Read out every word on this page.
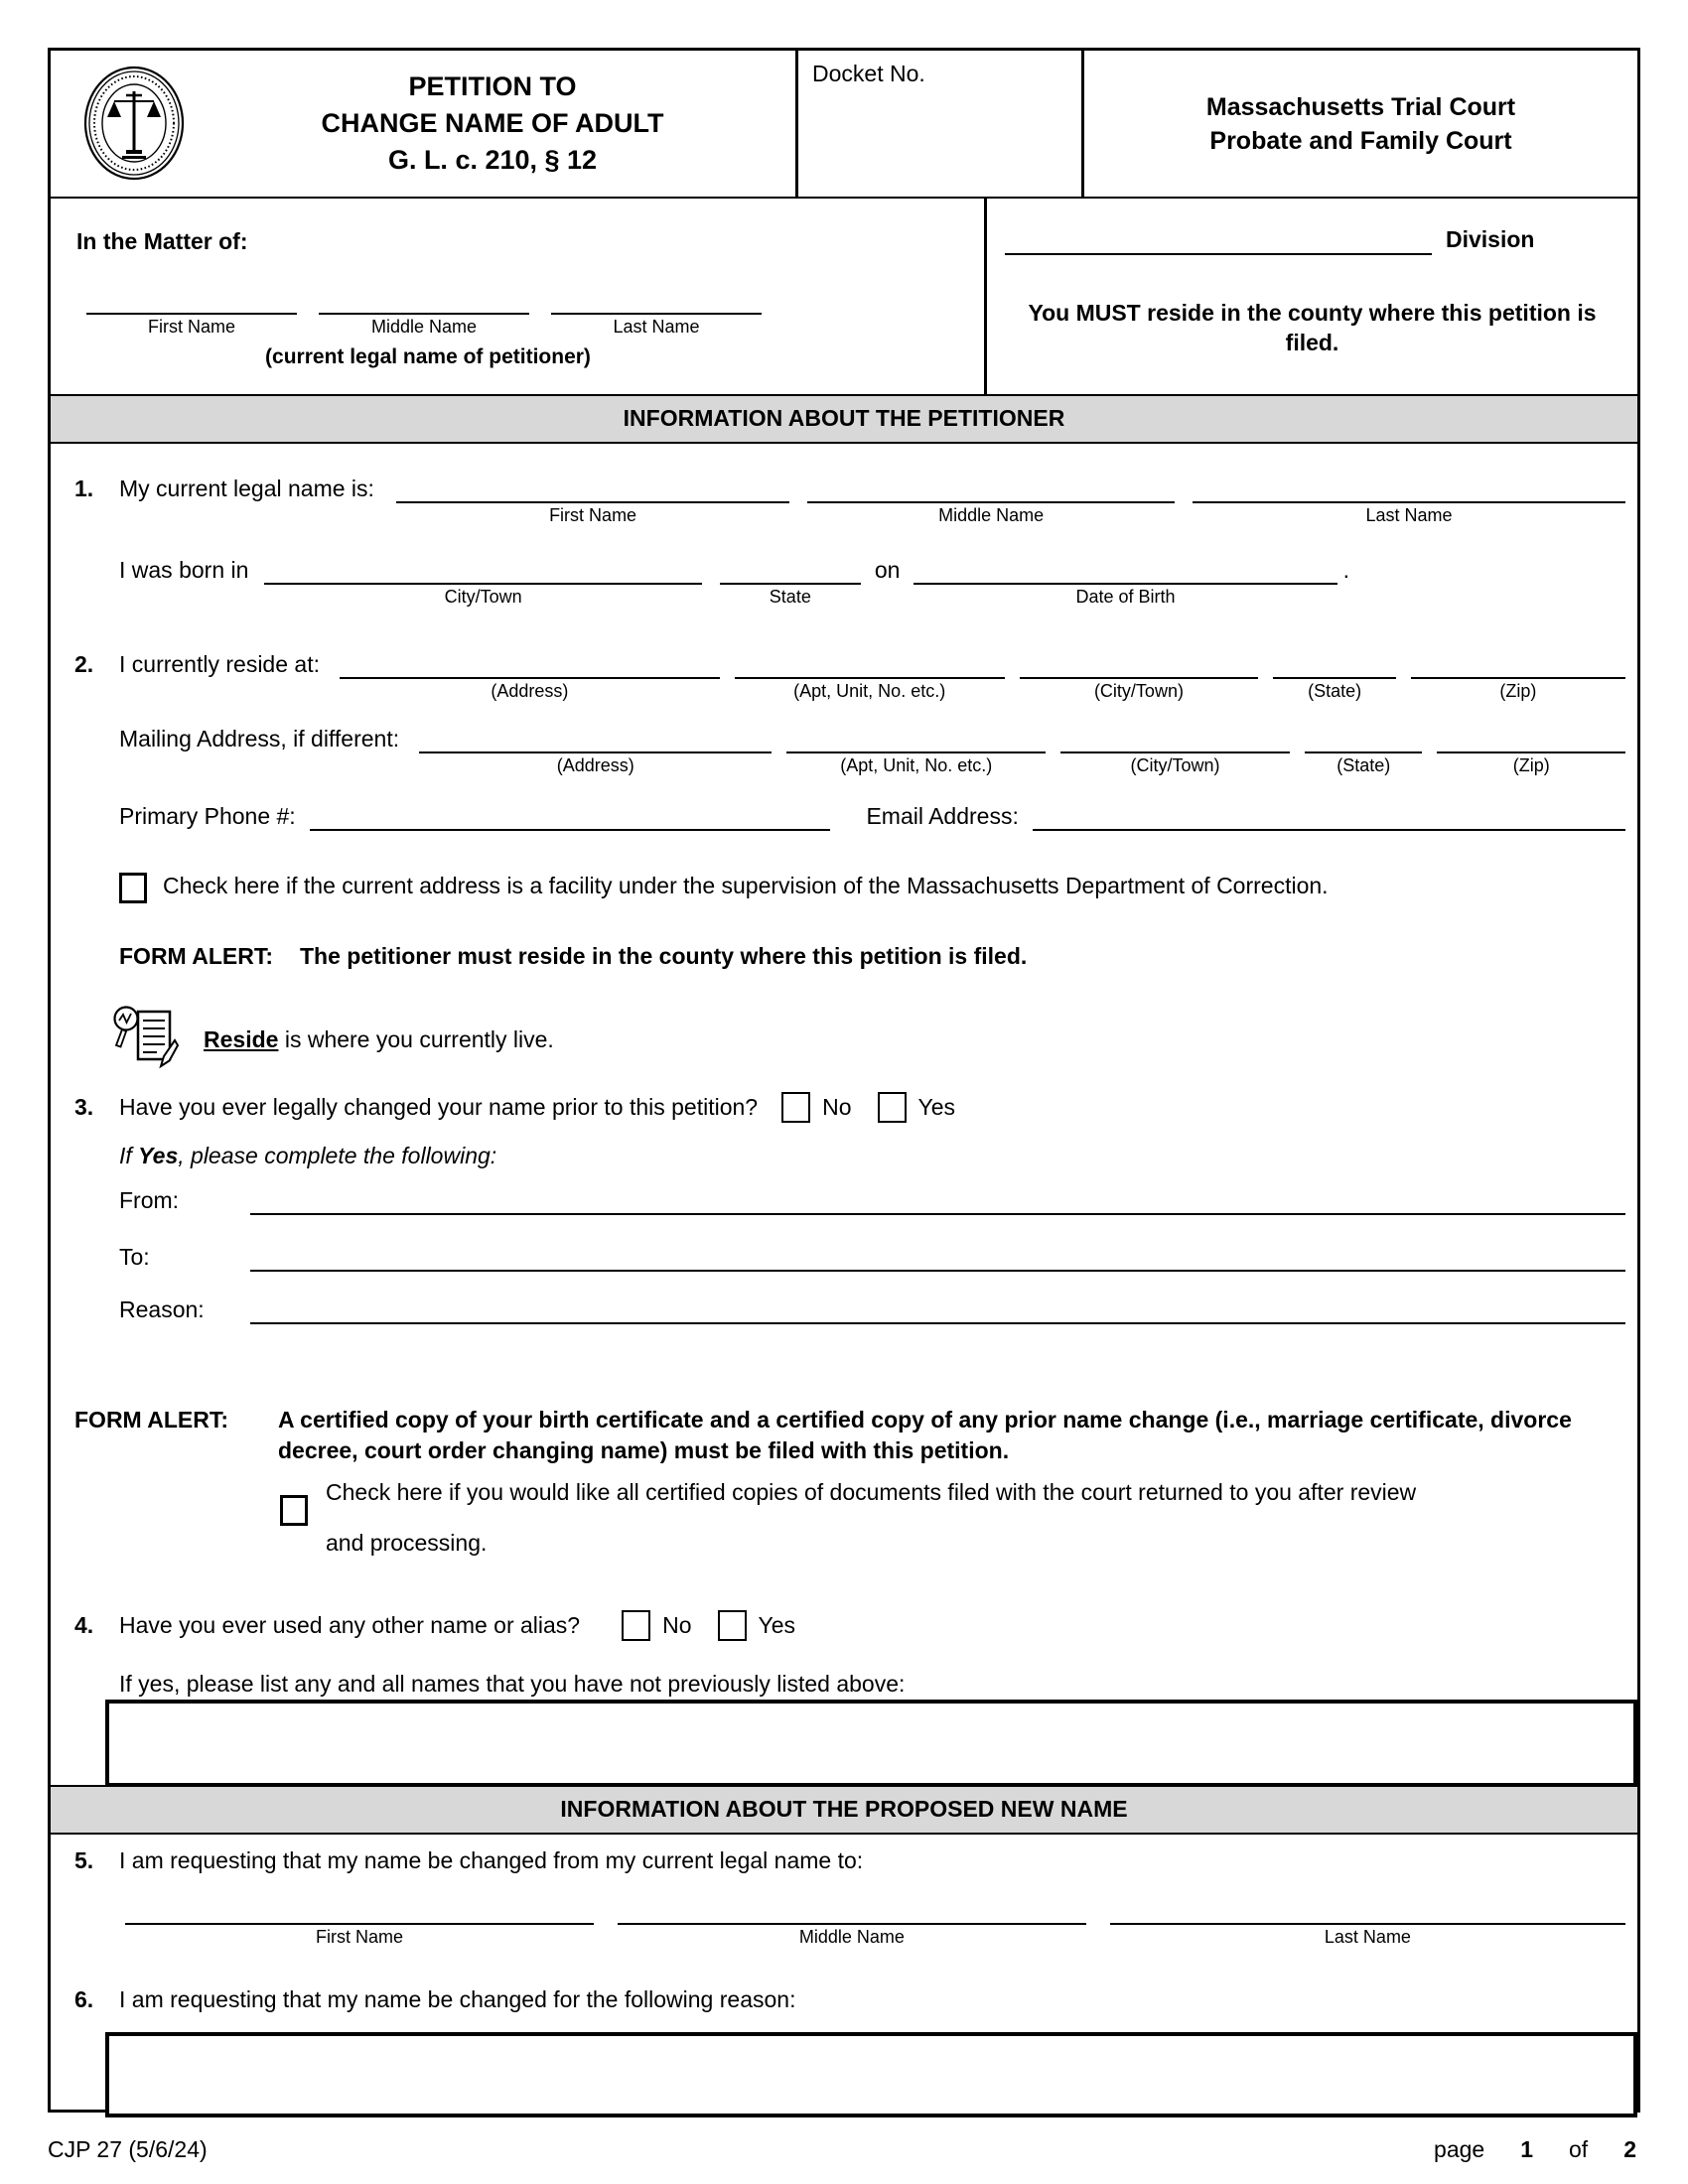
PETITION TO
CHANGE NAME OF ADULT
G. L. c. 210, § 12
Docket No.
Massachusetts Trial Court
Probate and Family Court
In the Matter of:
First Name	Middle Name	Last Name
(current legal name of petitioner)
Division
You MUST reside in the county where this petition is filed.
INFORMATION ABOUT THE PETITIONER
1.	My current legal name is:
First Name	Middle Name	Last Name
I was born in
City/Town	State
on
Date of Birth
.
2.	I currently reside at:
(Address)	(Apt, Unit, No. etc.)	(City/Town)	(State)	(Zip)
Mailing Address, if different:
(Address)	(Apt, Unit, No. etc.)	(City/Town)	(State)	(Zip)
Primary Phone #:	Email Address:
Check here if the current address is a facility under the supervision of the Massachusetts Department of Correction.
FORM ALERT:	The petitioner must reside in the county where this petition is filed.
Reside is where you currently live.
3.	Have you ever legally changed your name prior to this petition?	No	Yes
If Yes, please complete the following:
From:
To:
Reason:
FORM ALERT:	A certified copy of your birth certificate and a certified copy of any prior name change (i.e., marriage certificate, divorce decree, court order changing name) must be filed with this petition.
Check here if you would like all certified copies of documents filed with the court returned to you after review and processing.
4.	Have you ever used any other name or alias?	No	Yes
If yes, please list any and all names that you have not previously listed above:
INFORMATION ABOUT THE PROPOSED NEW NAME
5.	I am requesting that my name be changed from my current legal name to:
First Name	Middle Name	Last Name
6.	I am requesting that my name be changed for the following reason:
CJP 27 (5/6/24)	page 1 of 2
